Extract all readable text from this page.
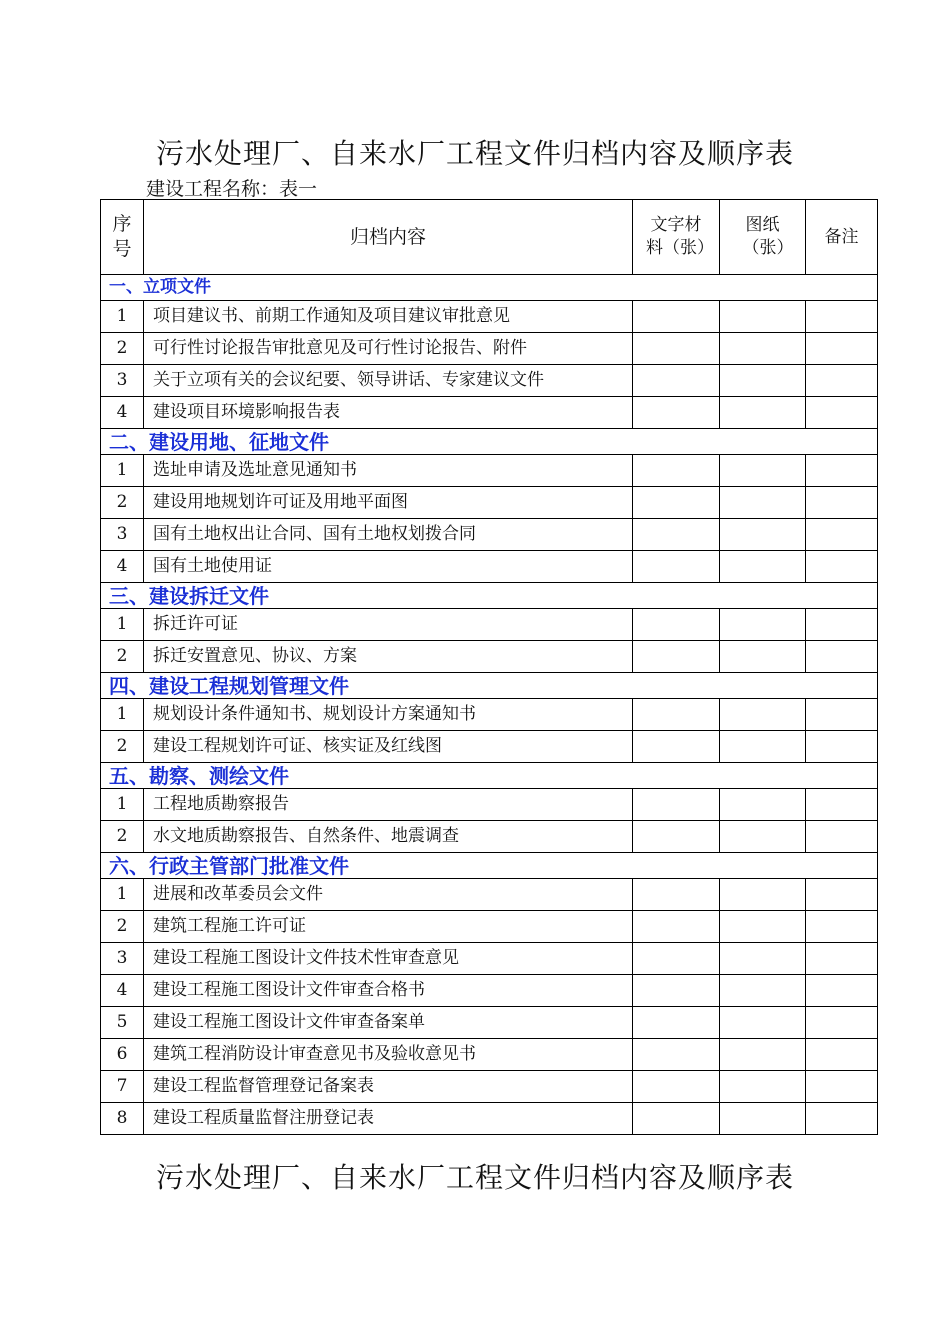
污水处理厂、自来水厂工程文件归档内容及顺序表
建设工程名称：表一
序号	归档内容	文字材料（张）	图纸（张）	备注
一、立项文件				
1	项目建议书、前期工作通知及项目建议审批意见			
2	可行性讨论报告审批意见及可行性讨论报告、附件			
3	关于立项有关的会议纪要、领导讲话、专家建议文件			
4	建设项目环境影响报告表			
二、建设用地、征地文件				
1	选址申请及选址意见通知书			
2	建设用地规划许可证及用地平面图			
3	国有土地权出让合同、国有土地权划拨合同			
4	国有土地使用证			
三、建设拆迁文件				
1	拆迁许可证			
2	拆迁安置意见、协议、方案			
四、建设工程规划管理文件				
1	规划设计条件通知书、规划设计方案通知书			
2	建设工程规划许可证、核实证及红线图			
五、勘察、测绘文件				
1	工程地质勘察报告			
2	水文地质勘察报告、自然条件、地震调查			
六、行政主管部门批准文件				
1	进展和改革委员会文件			
2	建筑工程施工许可证			
3	建设工程施工图设计文件技术性审查意见			
4	建设工程施工图设计文件审查合格书			
5	建设工程施工图设计文件审查备案单			
6	建筑工程消防设计审查意见书及验收意见书			
7	建设工程监督管理登记备案表			
8	建设工程质量监督注册登记表			
污水处理厂、自来水厂工程文件归档内容及顺序表
